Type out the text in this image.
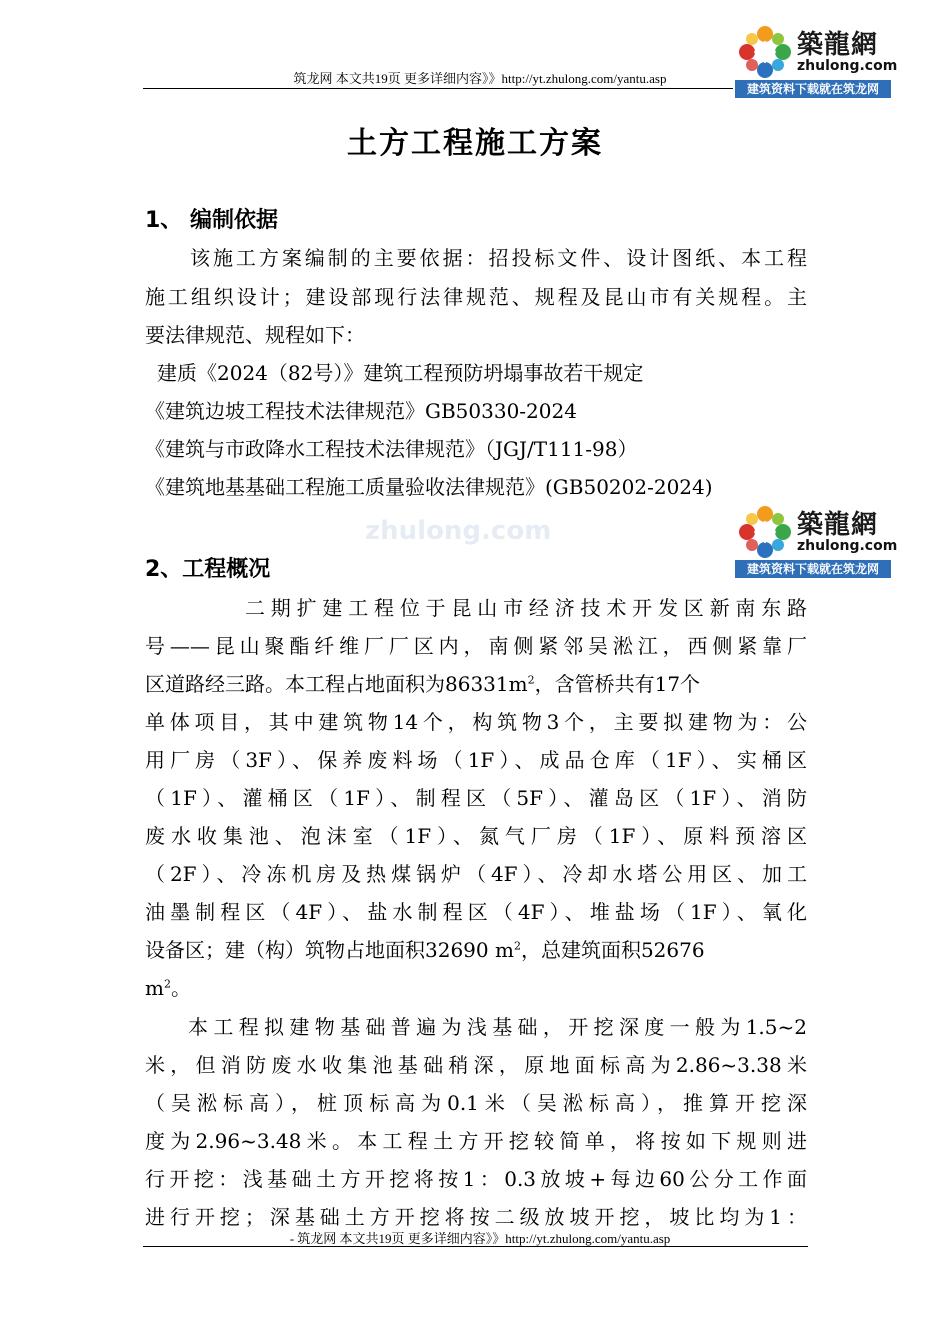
筑龙网 本文共19页 更多详细内容》》http://yt.zhulong.com/yantu.asp
築龍網
zhulong.com
建筑资料下载就在筑龙网
土方工程施工方案
1、 编制依据
该施工方案编制的主要依据：招投标文件、设计图纸、本工程
施工组织设计；建设部现行法律规范、规程及昆山市有关规程。主
要法律规范、规程如下：
建质《2024（82号）》建筑工程预防坍塌事故若干规定
《建筑边坡工程技术法律规范》GB50330-2024
《建筑与市政降水工程技术法律规范》（JGJ/T111-98）
《建筑地基基础工程施工质量验收法律规范》(GB50202-2024)
zhulong.com	築龍網
zhulong.com
建筑资料下载就在筑龙网
2、工程概况
二期扩建工程位于昆山市经济技术开发区新南东路
号——昆山聚酯纤维厂厂区内，南侧紧邻吴淞江，西侧紧靠厂
区道路经三路。本工程占地面积为$86331m^2$，含管桥共有17个
单体项目，其中建筑物14个，构筑物3个，主要拟建物为：公
用厂房（3F）、保养废料场（1F）、成品仓库（1F）、实桶区
（1F）、灌桶区（1F）、制程区（5F）、灌岛区（1F）、消防
废水收集池、泡沫室（1F）、氮气厂房（1F）、原料预溶区
（2F）、冷冻机房及热煤锅炉（4F）、冷却水塔公用区、加工
油墨制程区（4F）、盐水制程区（4F）、堆盐场（1F）、氧化
设备区；建（构）筑物占地面积32690 $m^2$，总建筑面积52676
$m^2$。
本工程拟建物基础普遍为浅基础，开挖深度一般为1.5~2
米，但消防废水收集池基础稍深，原地面标高为2.86~3.38米
（吴淞标高），桩顶标高为0.1米（吴淞标高），推算开挖深
度为2.96~3.48米。本工程土方开挖较简单，将按如下规则进
行开挖：浅基础土方开挖将按1：0.3放坡+每边60公分工作面
进行开挖；深基础土方开挖将按二级放坡开挖，坡比均为1：
- 筑龙网 本文共19页 更多详细内容》》http://yt.zhulong.com/yantu.asp
